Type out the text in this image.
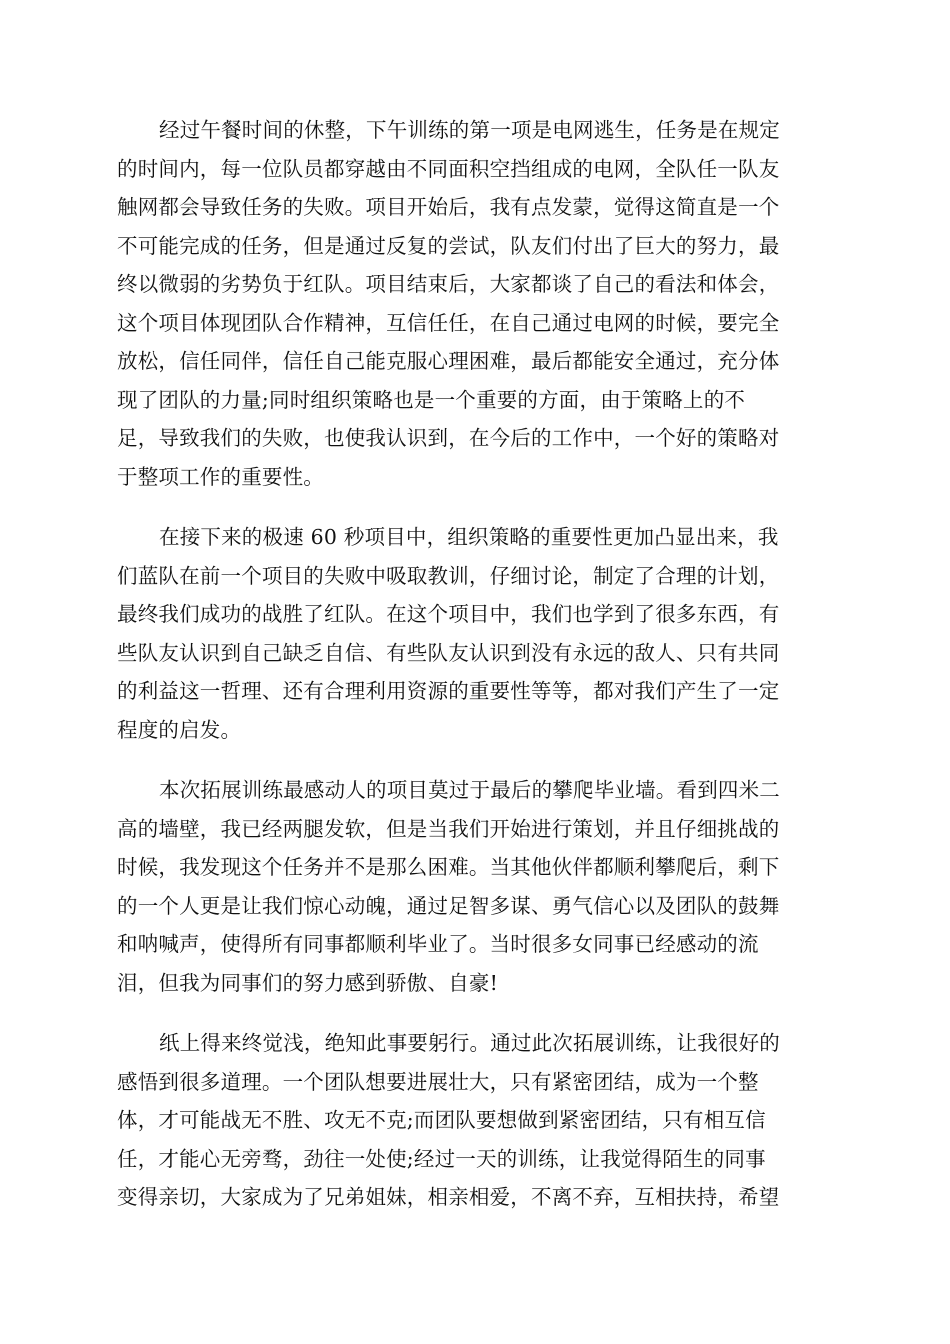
经过午餐时间的休整，下午训练的第一项是电网逃生，任务是在规定
的时间内，每一位队员都穿越由不同面积空挡组成的电网，全队任一队友
触网都会导致任务的失败。项目开始后，我有点发蒙，觉得这简直是一个
不可能完成的任务，但是通过反复的尝试，队友们付出了巨大的努力，最
终以微弱的劣势负于红队。项目结束后，大家都谈了自己的看法和体会，
这个项目体现团队合作精神，互信任任，在自己通过电网的时候，要完全
放松，信任同伴，信任自己能克服心理困难，最后都能安全通过，充分体
现了团队的力量;同时组织策略也是一个重要的方面，由于策略上的不
足，导致我们的失败，也使我认识到，在今后的工作中，一个好的策略对
于整项工作的重要性。
在接下来的极速 60 秒项目中，组织策略的重要性更加凸显出来，我
们蓝队在前一个项目的失败中吸取教训，仔细讨论，制定了合理的计划，
最终我们成功的战胜了红队。在这个项目中，我们也学到了很多东西，有
些队友认识到自己缺乏自信、有些队友认识到没有永远的敌人、只有共同
的利益这一哲理、还有合理利用资源的重要性等等，都对我们产生了一定
程度的启发。
本次拓展训练最感动人的项目莫过于最后的攀爬毕业墙。看到四米二
高的墙壁，我已经两腿发软，但是当我们开始进行策划，并且仔细挑战的
时候，我发现这个任务并不是那么困难。当其他伙伴都顺利攀爬后，剩下
的一个人更是让我们惊心动魄，通过足智多谋、勇气信心以及团队的鼓舞
和呐喊声，使得所有同事都顺利毕业了。当时很多女同事已经感动的流
泪，但我为同事们的努力感到骄傲、自豪!
纸上得来终觉浅，绝知此事要躬行。通过此次拓展训练，让我很好的
感悟到很多道理。一个团队想要进展壮大，只有紧密团结，成为一个整
体，才可能战无不胜、攻无不克;而团队要想做到紧密团结，只有相互信
任，才能心无旁骛，劲往一处使;经过一天的训练，让我觉得陌生的同事
变得亲切，大家成为了兄弟姐妹，相亲相爱，不离不弃，互相扶持，希望
